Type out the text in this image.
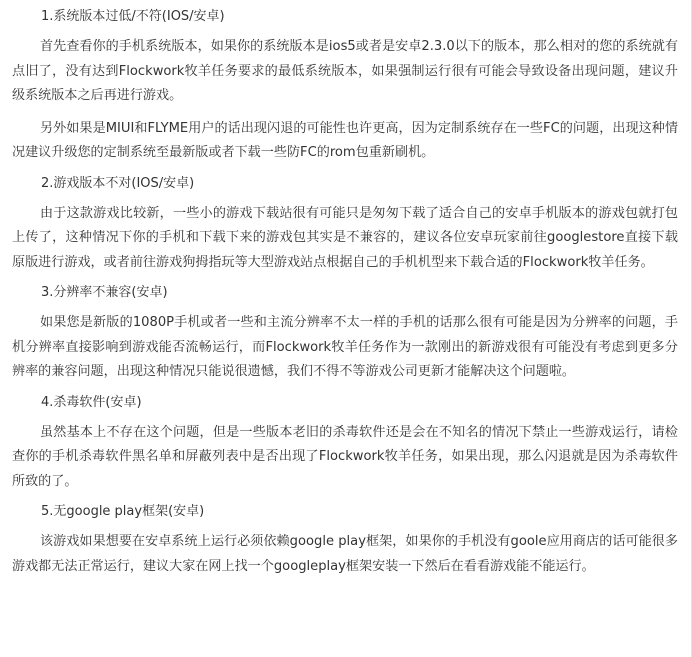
1.系统版本过低/不符(IOS/安卓)

首先查看你的手机系统版本，如果你的系统版本是ios5或者是安卓2.3.0以下的版本，那么相对的您的系统就有点旧了，没有达到Flockwork牧羊任务要求的最低系统版本，如果强制运行很有可能会导致设备出现问题，建议升级系统版本之后再进行游戏。

另外如果是MIUI和FLYME用户的话出现闪退的可能性也许更高，因为定制系统存在一些FC的问题，出现这种情况建议升级您的定制系统至最新版或者下载一些防FC的rom包重新刷机。

2.游戏版本不对(IOS/安卓)

由于这款游戏比较新，一些小的游戏下载站很有可能只是匆匆下载了适合自己的安卓手机版本的游戏包就打包上传了，这种情况下你的手机和下载下来的游戏包其实是不兼容的，建议各位安卓玩家前往googlestore直接下载原版进行游戏，或者前往游戏狗拇指玩等大型游戏站点根据自己的手机机型来下载合适的Flockwork牧羊任务。

3.分辨率不兼容(安卓)

如果您是新版的1080P手机或者一些和主流分辨率不太一样的手机的话那么很有可能是因为分辨率的问题，手机分辨率直接影响到游戏能否流畅运行，而Flockwork牧羊任务作为一款刚出的新游戏很有可能没有考虑到更多分辨率的兼容问题，出现这种情况只能说很遗憾，我们不得不等游戏公司更新才能解决这个问题啦。

4.杀毒软件(安卓)

虽然基本上不存在这个问题，但是一些版本老旧的杀毒软件还是会在不知名的情况下禁止一些游戏运行，请检查你的手机杀毒软件黑名单和屏蔽列表中是否出现了Flockwork牧羊任务，如果出现，那么闪退就是因为杀毒软件所致的了。

5.无google play框架(安卓)

该游戏如果想要在安卓系统上运行必须依赖google play框架，如果你的手机没有goole应用商店的话可能很多游戏都无法正常运行，建议大家在网上找一个googleplay框架安装一下然后在看看游戏能不能运行。
